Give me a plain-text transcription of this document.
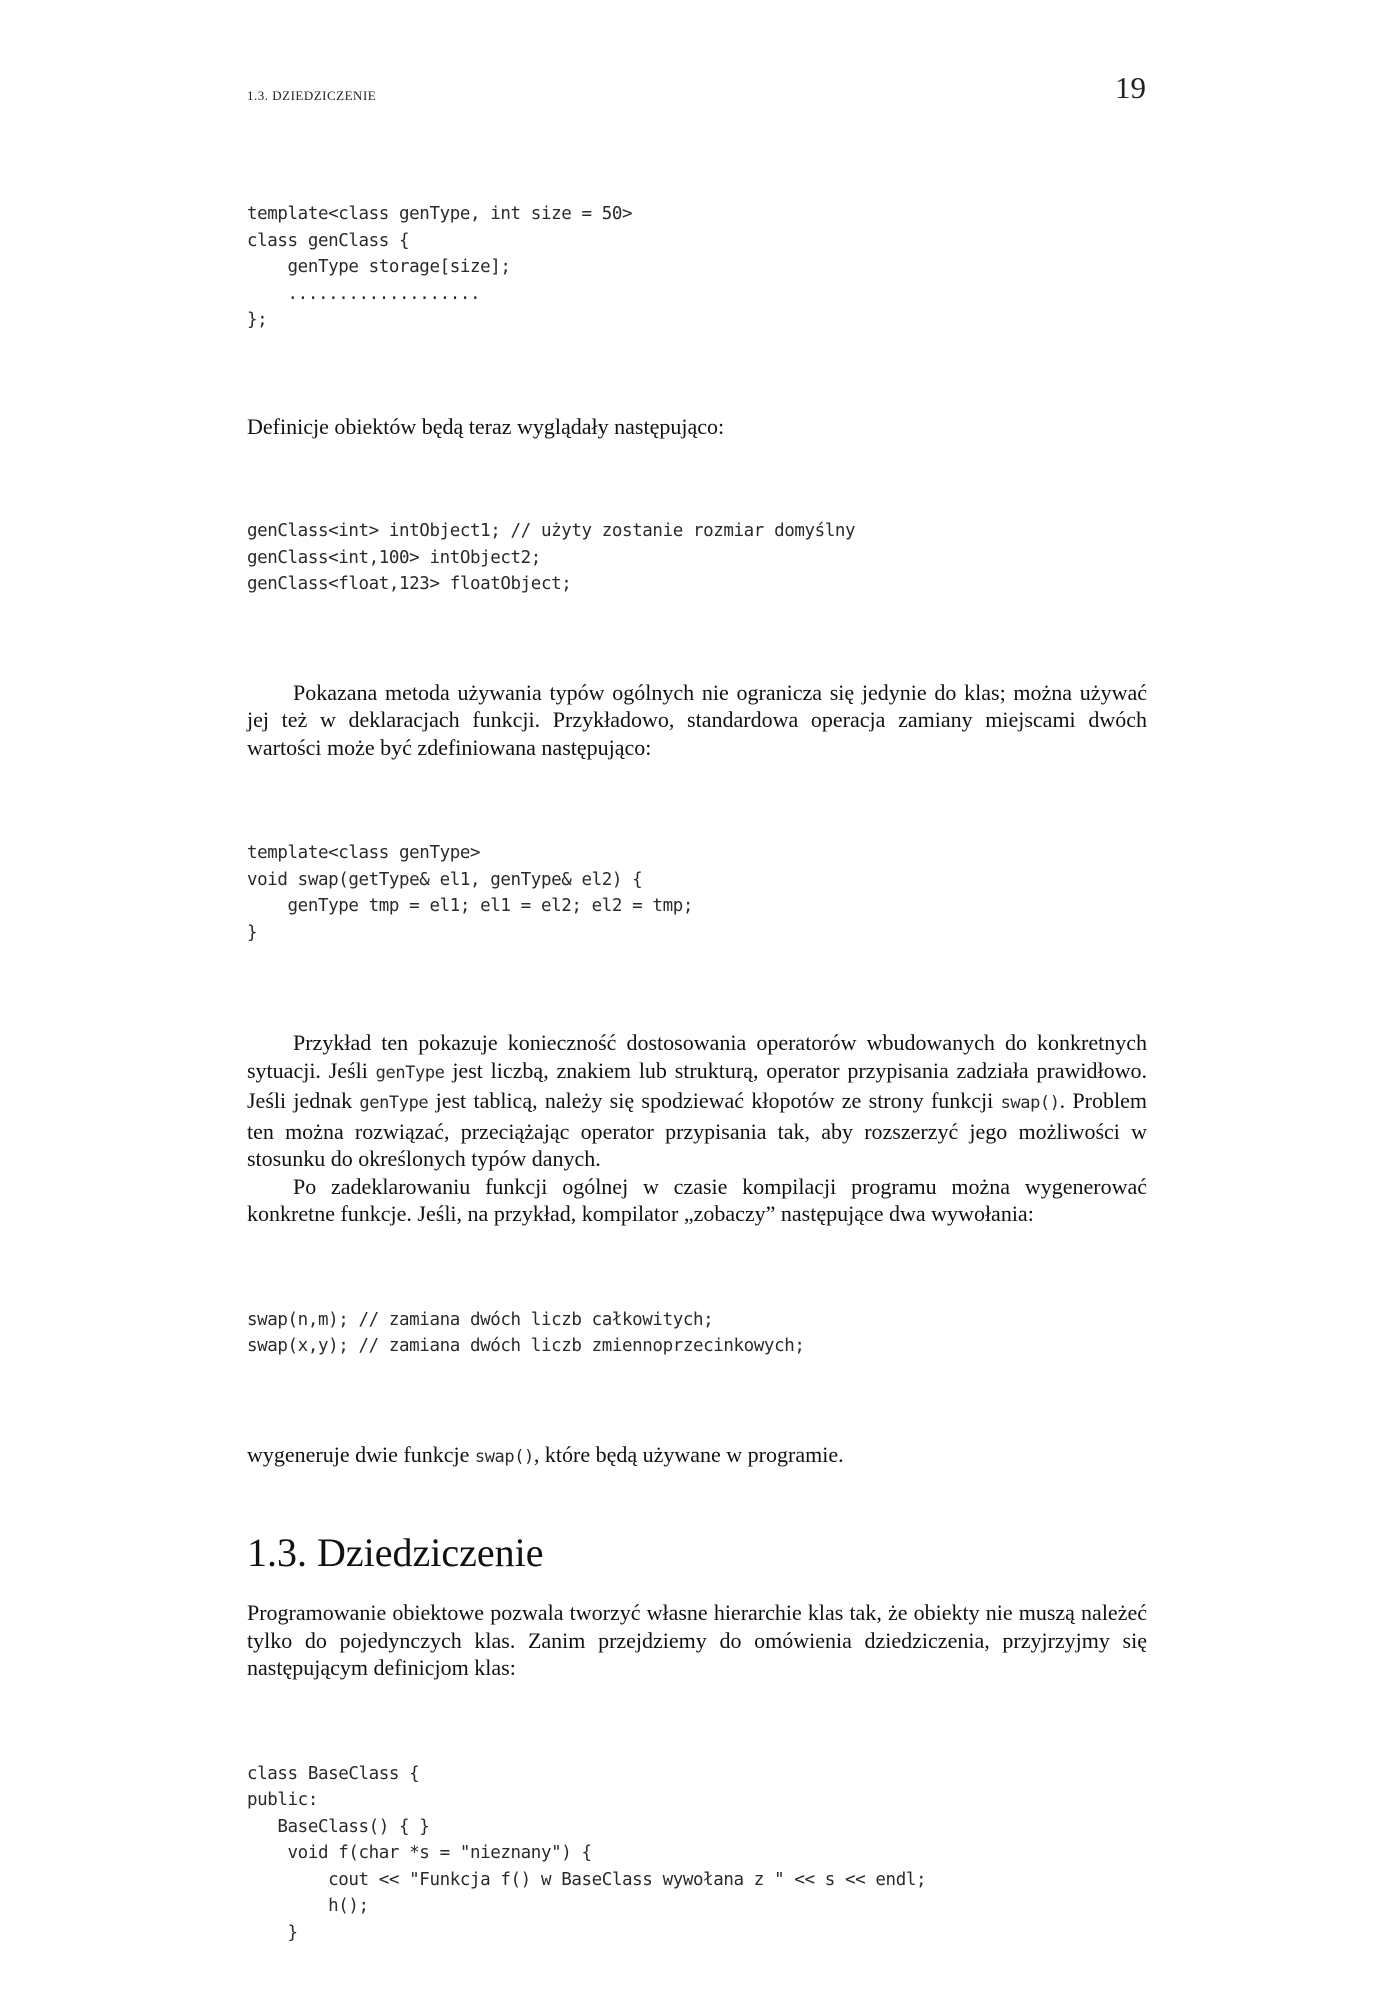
1.3. DZIEDZICZENIE	19

template<class genType, int size = 50>
class genClass {
genType storage[size];
...................
};

Definicje obiektów będą teraz wyglądały następująco:

genClass<int> intObject1; // użyty zostanie rozmiar domyślny
genClass<int,100> intObject2;
genClass<float,123> floatObject;

Pokazana metoda używania typów ogólnych nie ogranicza się jedynie do klas; można używać jej też w deklaracjach funkcji. Przykładowo, standardowa operacja zamiany miejscami dwóch wartości może być zdefiniowana następująco:

template<class genType>
void swap(getType& el1, genType& el2) {
genType tmp = el1; el1 = el2; el2 = tmp;
}

Przykład ten pokazuje konieczność dostosowania operatorów wbudowanych do konkretnych sytuacji. Jeśli genType jest liczbą, znakiem lub strukturą, operator przypisania zadziała prawidłowo. Jeśli jednak genType jest tablicą, należy się spodziewać kłopotów ze strony funkcji swap(). Problem ten można rozwiązać, przeciążając operator przypisania tak, aby rozszerzyć jego możliwości w stosunku do określonych typów danych.

Po zadeklarowaniu funkcji ogólnej w czasie kompilacji programu można wygenerować konkretne funkcje. Jeśli, na przykład, kompilator „zobaczy” następujące dwa wywołania:

swap(n,m); // zamiana dwóch liczb całkowitych;
swap(x,y); // zamiana dwóch liczb zmiennoprzecinkowych;

wygeneruje dwie funkcje swap(), które będą używane w programie.

1.3. Dziedziczenie

Programowanie obiektowe pozwala tworzyć własne hierarchie klas tak, że obiekty nie muszą należeć tylko do pojedynczych klas. Zanim przejdziemy do omówienia dziedziczenia, przyjrzyjmy się następującym definicjom klas:

class BaseClass {
public:
BaseClass() { }
void f(char *s = "nieznany") {
cout << "Funkcja f() w BaseClass wywołana z " << s << endl;
h();
}
